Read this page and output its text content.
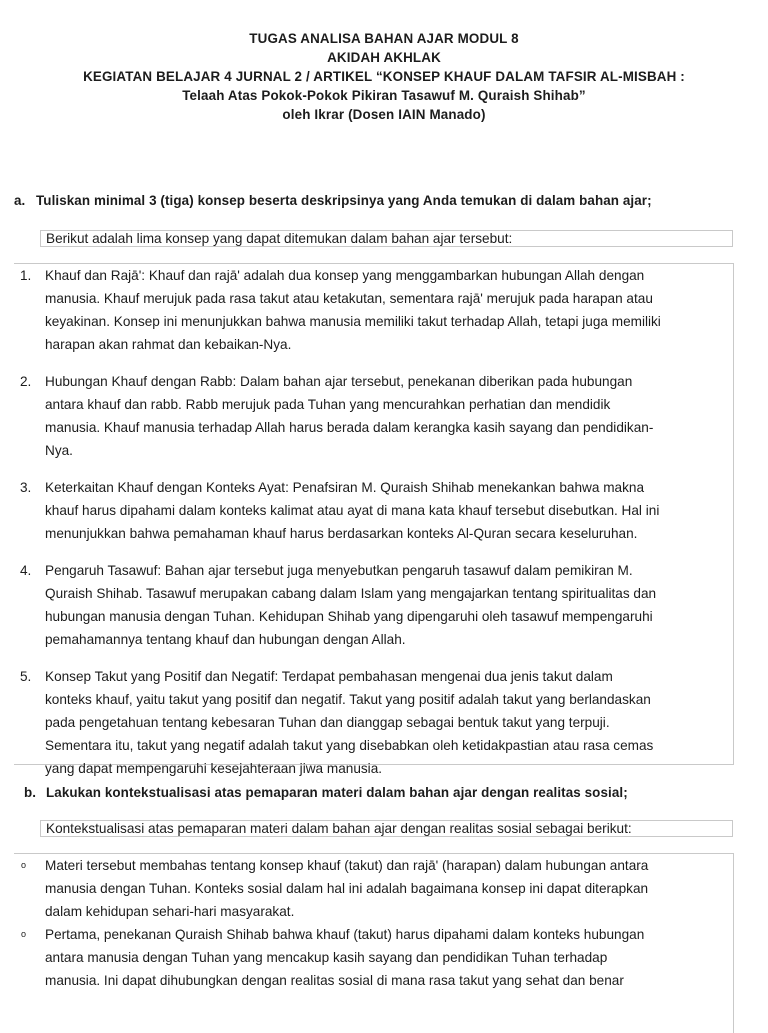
TUGAS ANALISA BAHAN AJAR MODUL 8
AKIDAH AKHLAK
KEGIATAN BELAJAR 4 JURNAL 2 / ARTIKEL “KONSEP KHAUF DALAM TAFSIR AL-MISBAH :
Telaah Atas Pokok-Pokok Pikiran Tasawuf M. Quraish Shihab”
oleh Ikrar (Dosen IAIN Manado)
a. Tuliskan minimal 3 (tiga) konsep beserta deskripsinya yang Anda temukan di dalam bahan ajar;
Berikut adalah lima konsep yang dapat ditemukan dalam bahan ajar tersebut:
1.	Khauf dan Rajā': Khauf dan rajā' adalah dua konsep yang menggambarkan hubungan Allah dengan
manusia. Khauf merujuk pada rasa takut atau ketakutan, sementara rajā' merujuk pada harapan atau
keyakinan. Konsep ini menunjukkan bahwa manusia memiliki takut terhadap Allah, tetapi juga memiliki
harapan akan rahmat dan kebaikan-Nya.
2.	Hubungan Khauf dengan Rabb: Dalam bahan ajar tersebut, penekanan diberikan pada hubungan
antara khauf dan rabb. Rabb merujuk pada Tuhan yang mencurahkan perhatian dan mendidik
manusia. Khauf manusia terhadap Allah harus berada dalam kerangka kasih sayang dan pendidikan-
Nya.
3.	Keterkaitan Khauf dengan Konteks Ayat: Penafsiran M. Quraish Shihab menekankan bahwa makna
khauf harus dipahami dalam konteks kalimat atau ayat di mana kata khauf tersebut disebutkan. Hal ini
menunjukkan bahwa pemahaman khauf harus berdasarkan konteks Al-Quran secara keseluruhan.
4.	Pengaruh Tasawuf: Bahan ajar tersebut juga menyebutkan pengaruh tasawuf dalam pemikiran M.
Quraish Shihab. Tasawuf merupakan cabang dalam Islam yang mengajarkan tentang spiritualitas dan
hubungan manusia dengan Tuhan. Kehidupan Shihab yang dipengaruhi oleh tasawuf mempengaruhi
pemahamannya tentang khauf dan hubungan dengan Allah.
5.	Konsep Takut yang Positif dan Negatif: Terdapat pembahasan mengenai dua jenis takut dalam
konteks khauf, yaitu takut yang positif dan negatif. Takut yang positif adalah takut yang berlandaskan
pada pengetahuan tentang kebesaran Tuhan dan dianggap sebagai bentuk takut yang terpuji.
Sementara itu, takut yang negatif adalah takut yang disebabkan oleh ketidakpastian atau rasa cemas
yang dapat mempengaruhi kesejahteraan jiwa manusia.
b. Lakukan kontekstualisasi atas pemaparan materi dalam bahan ajar dengan realitas sosial;
Kontekstualisasi atas pemaparan materi dalam bahan ajar dengan realitas sosial sebagai berikut:
o Materi tersebut membahas tentang konsep khauf (takut) dan rajā' (harapan) dalam hubungan antara
manusia dengan Tuhan. Konteks sosial dalam hal ini adalah bagaimana konsep ini dapat diterapkan
dalam kehidupan sehari-hari masyarakat.
o Pertama, penekanan Quraish Shihab bahwa khauf (takut) harus dipahami dalam konteks hubungan
antara manusia dengan Tuhan yang mencakup kasih sayang dan pendidikan Tuhan terhadap
manusia. Ini dapat dihubungkan dengan realitas sosial di mana rasa takut yang sehat dan benar
